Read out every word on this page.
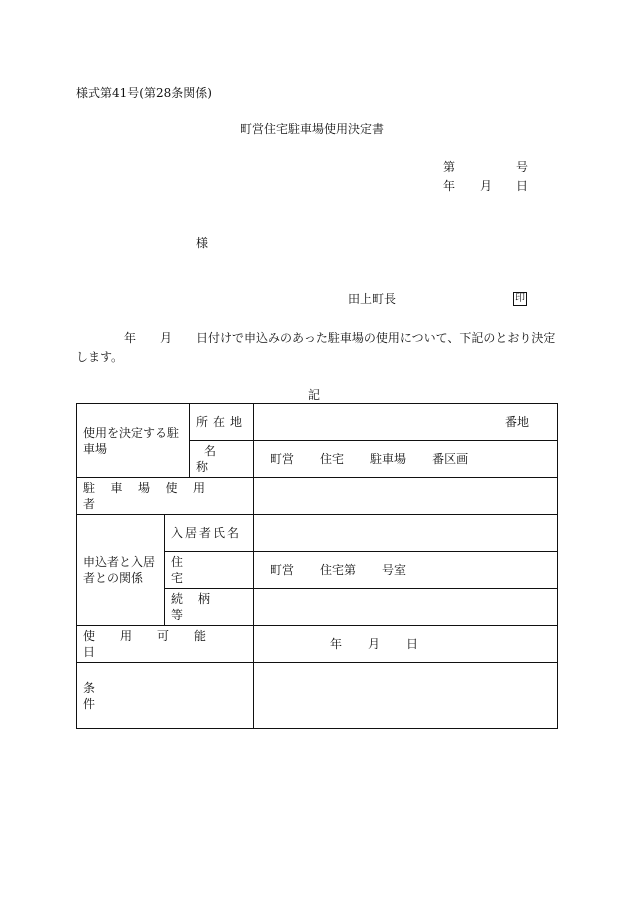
様式第41号(第28条関係)
町営住宅駐車場使用決定書
第	号
年 月 日
様
田上町長	印
年 月 日付けで申込みのあった駐車場の使用について、下記のとおり決定
します。
記
使用を決定する駐車場		所在地	番地
		名称	町営 住宅 駐車場 番区画
駐車場使用者			

申込者と入居者との関係	入居者氏名		
	住宅		町営 住宅第 号室
	続柄等		
使用可能日			年 月 日
条件			
